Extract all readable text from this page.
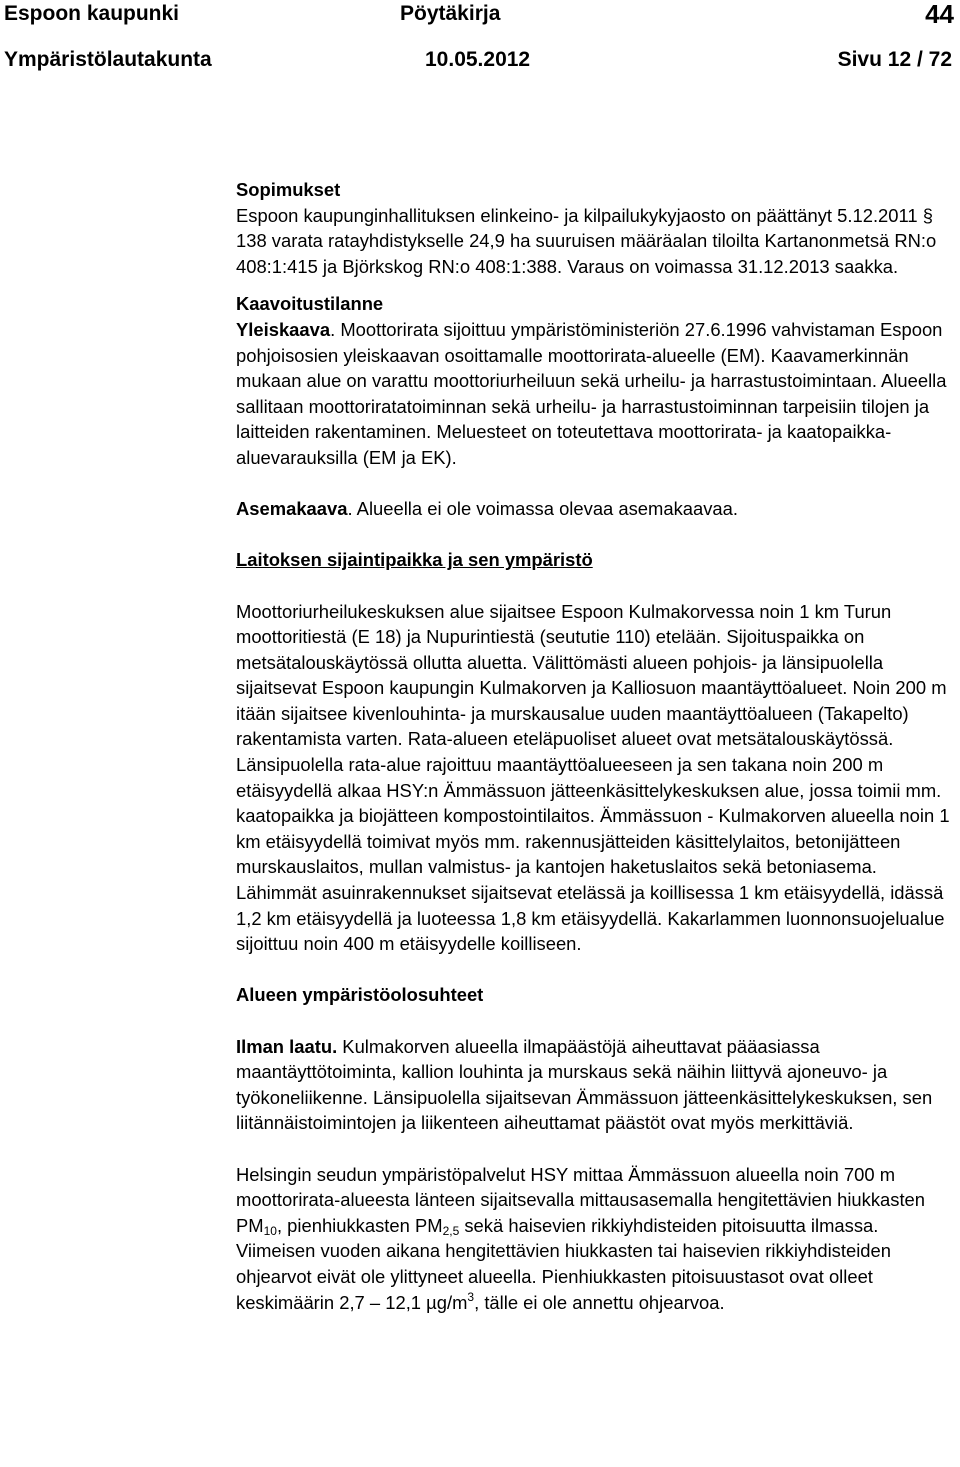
Espoon kaupunki	Pöytäkirja	44
Ympäristölautakunta	10.05.2012	Sivu 12 / 72

Sopimukset

Espoon kaupunginhallituksen elinkeino- ja kilpailukykyjaosto on päättänyt 5.12.2011 § 138 varata ratayhdistykselle 24,9 ha suuruisen määräalan tiloilta Kartanonmetsä RN:o 408:1:415 ja Björkskog RN:o 408:1:388. Varaus on voimassa 31.12.2013 saakka.

Kaavoitustilanne

Yleiskaava. Moottorirata sijoittuu ympäristöministeriön 27.6.1996 vahvistaman Espoon pohjoisosien yleiskaavan osoittamalle moottorirata-alueelle (EM). Kaavamerkinnän mukaan alue on varattu moottoriurheiluun sekä urheilu- ja harrastustoimintaan. Alueella sallitaan moottoriratatoiminnan sekä urheilu- ja harrastustoiminnan tarpeisiin tilojen ja laitteiden rakentaminen. Meluesteet on toteutettava moottorirata- ja kaatopaikka-aluevarauksilla (EM ja EK).

Asemakaava. Alueella ei ole voimassa olevaa asemakaavaa.

Laitoksen sijaintipaikka ja sen ympäristö

Moottoriurheilukeskuksen alue sijaitsee Espoon Kulmakorvessa noin 1 km Turun moottoritiestä (E 18) ja Nupurintiestä (seututie 110) etelään. Sijoituspaikka on metsätalouskäytössä ollutta aluetta. Välittömästi alueen pohjois- ja länsipuolella sijaitsevat Espoon kaupungin Kulmakorven ja Kalliosuon maantäyttöalueet. Noin 200 m itään sijaitsee kivenlouhinta- ja murskausalue uuden maantäyttöalueen (Takapelto) rakentamista varten. Rata-alueen eteläpuoliset alueet ovat metsätalouskäytössä. Länsipuolella rata-alue rajoittuu maantäyttöalueeseen ja sen takana noin 200 m etäisyydellä alkaa HSY:n Ämmässuon jätteenkäsittelykeskuksen alue, jossa toimii mm. kaatopaikka ja biojätteen kompostointilaitos. Ämmässuon - Kulmakorven alueella noin 1 km etäisyydellä toimivat myös mm. rakennusjätteiden käsittelylaitos, betonijätteen murskauslaitos, mullan valmistus- ja kantojen haketuslaitos sekä betoniasema. Lähimmät asuinrakennukset sijaitsevat etelässä ja koillisessa 1 km etäisyydellä, idässä 1,2 km etäisyydellä ja luoteessa 1,8 km etäisyydellä. Kakarlammen luonnonsuojelualue sijoittuu noin 400 m etäisyydelle koilliseen.

Alueen ympäristöolosuhteet

Ilman laatu. Kulmakorven alueella ilmapäästöjä aiheuttavat pääasiassa maantäyttötoiminta, kallion louhinta ja murskaus sekä näihin liittyvä ajoneuvo- ja työkoneliikenne. Länsipuolella sijaitsevan Ämmässuon jätteenkäsittelykeskuksen, sen liitännäistoimintojen ja liikenteen aiheuttamat päästöt ovat myös merkittäviä.

Helsingin seudun ympäristöpalvelut HSY mittaa Ämmässuon alueella noin 700 m moottorirata-alueesta länteen sijaitsevalla mittausasemalla hengitettävien hiukkasten $PM_{10}$, pienhiukkasten $PM_{2,5}$ sekä haisevien rikkiyhdisteiden pitoisuutta ilmassa. Viimeisen vuoden aikana hengitettävien hiukkasten tai haisevien rikkiyhdisteiden ohjearvot eivät ole ylittyneet alueella. Pienhiukkasten pitoisuustasot ovat olleet keskimäärin 2,7 – 12,1 $\mu g/m^3$, tälle ei ole annettu ohjearvoa.
